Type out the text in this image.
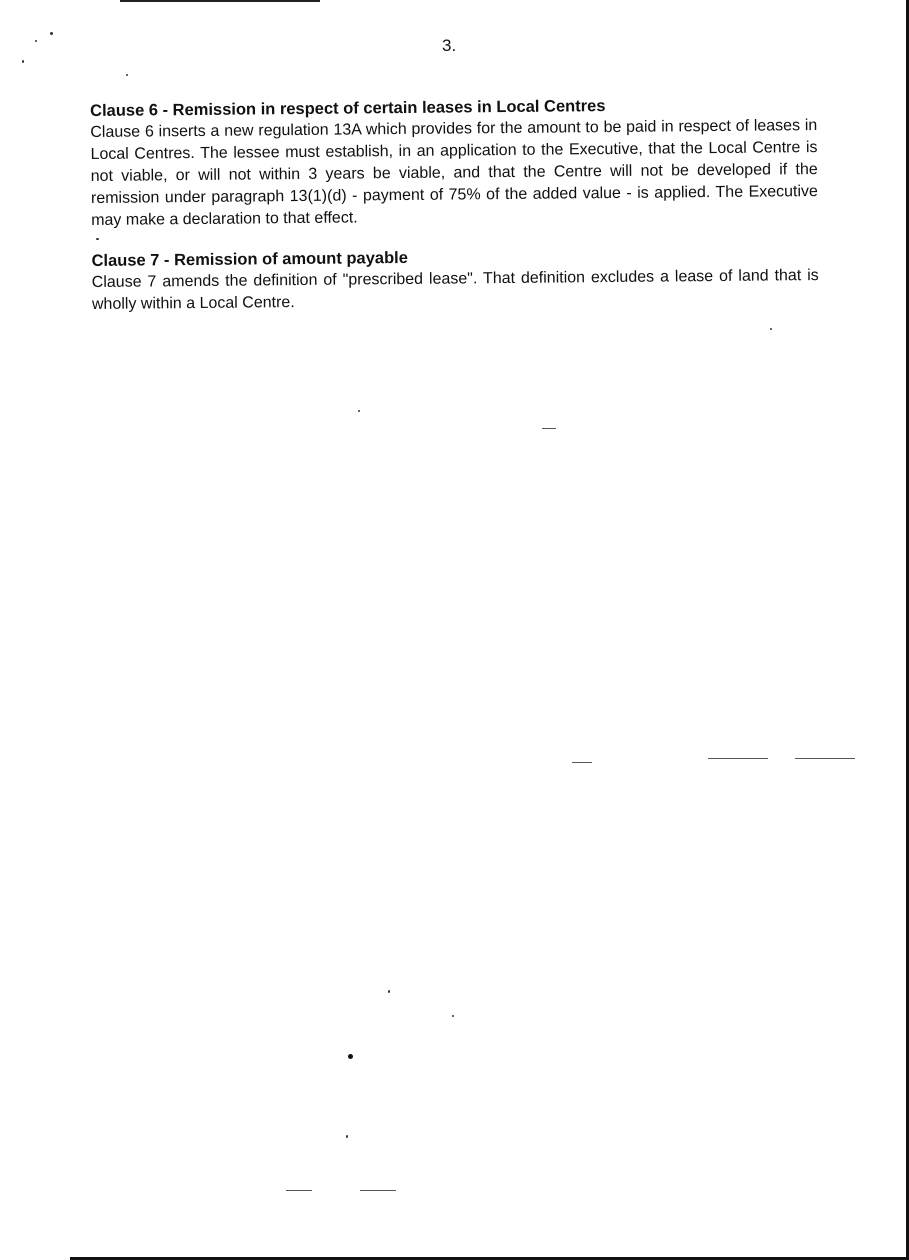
3.

Clause 6 - Remission in respect of certain leases in Local Centres

Clause 6 inserts a new regulation 13A which provides for the amount to be paid in respect of leases in Local Centres. The lessee must establish, in an application to the Executive, that the Local Centre is not viable, or will not within 3 years be viable, and that the Centre will not be developed if the remission under paragraph 13(1)(d) - payment of 75% of the added value - is applied. The Executive may make a declaration to that effect.

Clause 7 - Remission of amount payable

Clause 7 amends the definition of "prescribed lease". That definition excludes a lease of land that is wholly within a Local Centre.
